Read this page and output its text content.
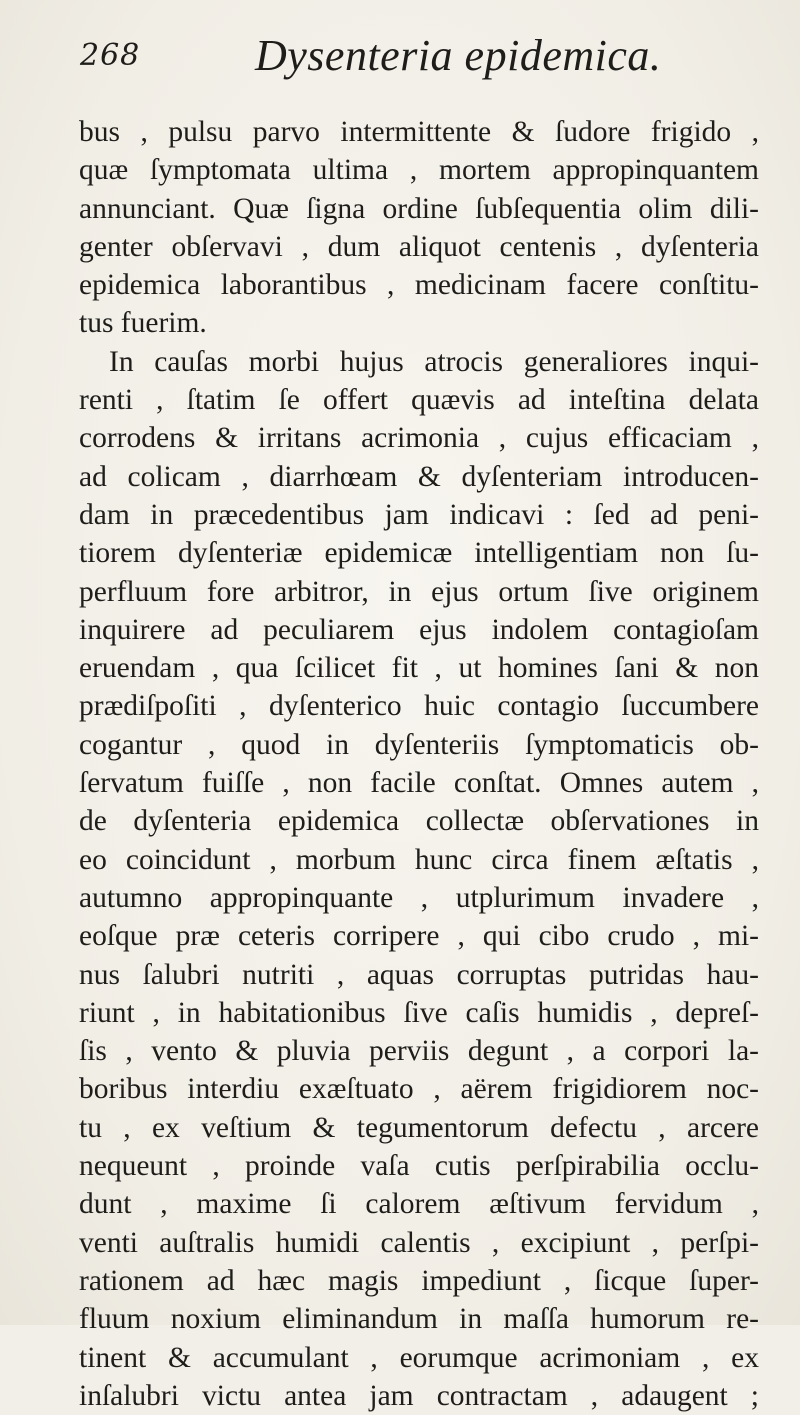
268	Dysenteria epidemica.
bus , pulsu parvo intermittente & ſudore frigido ,
quæ ſymptomata ultima , mortem appropinquantem
annunciant. Quæ ſigna ordine ſubſequentia olim dili-
genter obſervavi , dum aliquot centenis , dyſenteria
epidemica laborantibus , medicinam facere conſtitu-
tus fuerim.
In cauſas morbi hujus atrocis generaliores inqui-
renti , ſtatim ſe offert quævis ad inteſtina delata
corrodens & irritans acrimonia , cujus efficaciam ,
ad colicam , diarrhœam & dyſenteriam introducen-
dam in præcedentibus jam indicavi : ſed ad peni-
tiorem dyſenteriæ epidemicæ intelligentiam non ſu-
perfluum fore arbitror, in ejus ortum ſive originem
inquirere ad peculiarem ejus indolem contagioſam
eruendam , qua ſcilicet fit , ut homines ſani & non
prædiſpoſiti , dyſenterico huic contagio ſuccumbere
cogantur , quod in dyſenteriis ſymptomaticis ob-
ſervatum fuiſſe , non facile conſtat. Omnes autem ,
de dyſenteria epidemica collectæ obſervationes in
eo coincidunt , morbum hunc circa finem æſtatis ,
autumno appropinquante , utplurimum invadere ,
eoſque præ ceteris corripere , qui cibo crudo , mi-
nus ſalubri nutriti , aquas corruptas putridas hau-
riunt , in habitationibus ſive caſis humidis , depreſ-
ſis , vento & pluvia perviis degunt , a corpori la-
boribus interdiu exæſtuato , aërem frigidiorem noc-
tu , ex veſtium & tegumentorum defectu , arcere
nequeunt , proinde vaſa cutis perſpirabilia occlu-
dunt , maxime ſi calorem æſtivum fervidum ,
venti auſtralis humidi calentis , excipiunt , perſpi-
rationem ad hæc magis impediunt , ſicque ſuper-
fluum noxium eliminandum in maſſa humorum re-
tinent & accumulant , eorumque acrimoniam , ex
inſalubri victu antea jam contractam , adaugent ;
